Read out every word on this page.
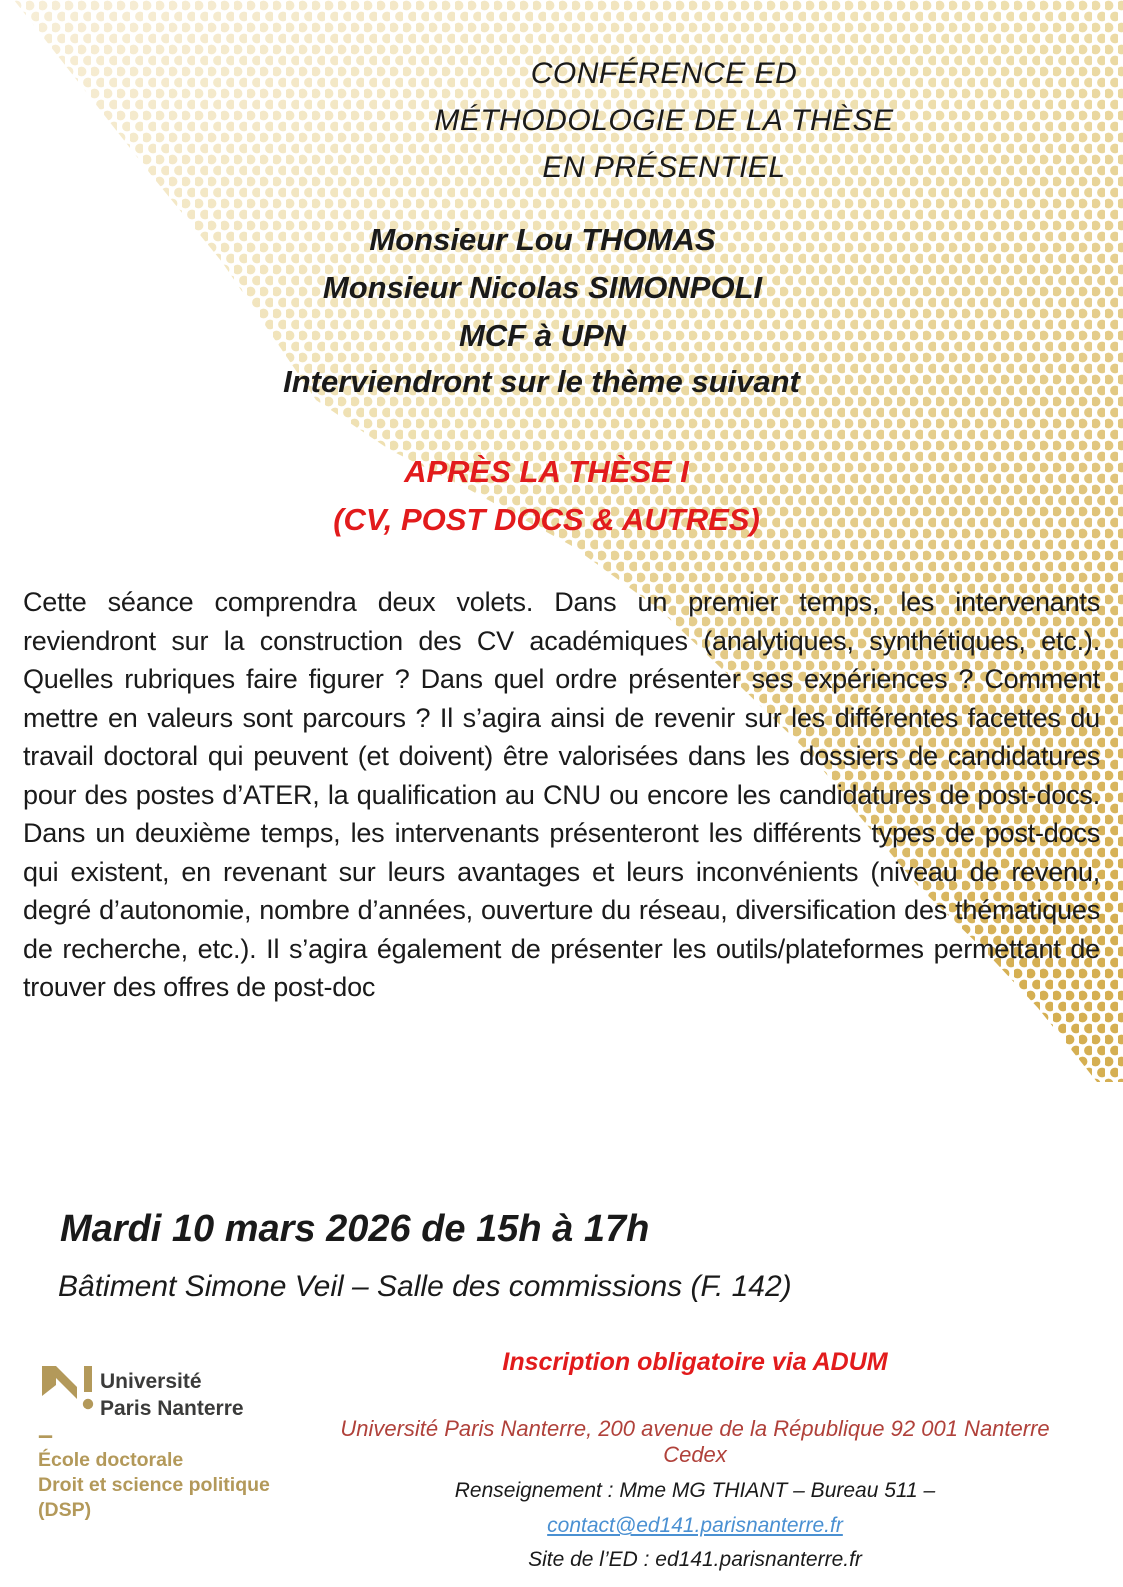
CONFÉRENCE ED
MÉTHODOLOGIE DE LA THÈSE
EN PRÉSENTIEL
Monsieur Lou THOMAS
Monsieur Nicolas SIMONPOLI
MCF à UPN
Interviendront sur le thème suivant
APRÈS LA THÈSE I
(CV, POST DOCS & AUTRES)
Cette séance comprendra deux volets. Dans un premier temps, les intervenants reviendront sur la construction des CV académiques (analytiques, synthétiques, etc.). Quelles rubriques faire figurer ? Dans quel ordre présenter ses expériences ? Comment mettre en valeurs sont parcours ? Il s’agira ainsi de revenir sur les différentes facettes du travail doctoral qui peuvent (et doivent) être valorisées dans les dossiers de candidatures pour des postes d’ATER, la qualification au CNU ou encore les candidatures de post-docs. Dans un deuxième temps, les intervenants présenteront les différents types de post-docs qui existent, en revenant sur leurs avantages et leurs inconvénients (niveau de revenu, degré d’autonomie, nombre d’années, ouverture du réseau, diversification des thématiques de recherche, etc.). Il s’agira également de présenter les outils/plateformes permettant de trouver des offres de post-doc
Mardi 10 mars 2026 de 15h à 17h
Bâtiment Simone Veil – Salle des commissions (F. 142)
Université
Paris Nanterre
–
École doctorale
Droit et science politique
(DSP)
Inscription obligatoire via ADUM
Université Paris Nanterre, 200 avenue de la République 92 001 Nanterre Cedex
Renseignement : Mme MG THIANT – Bureau 511 –
contact@ed141.parisnanterre.fr
Site de l’ED : ed141.parisnanterre.fr
